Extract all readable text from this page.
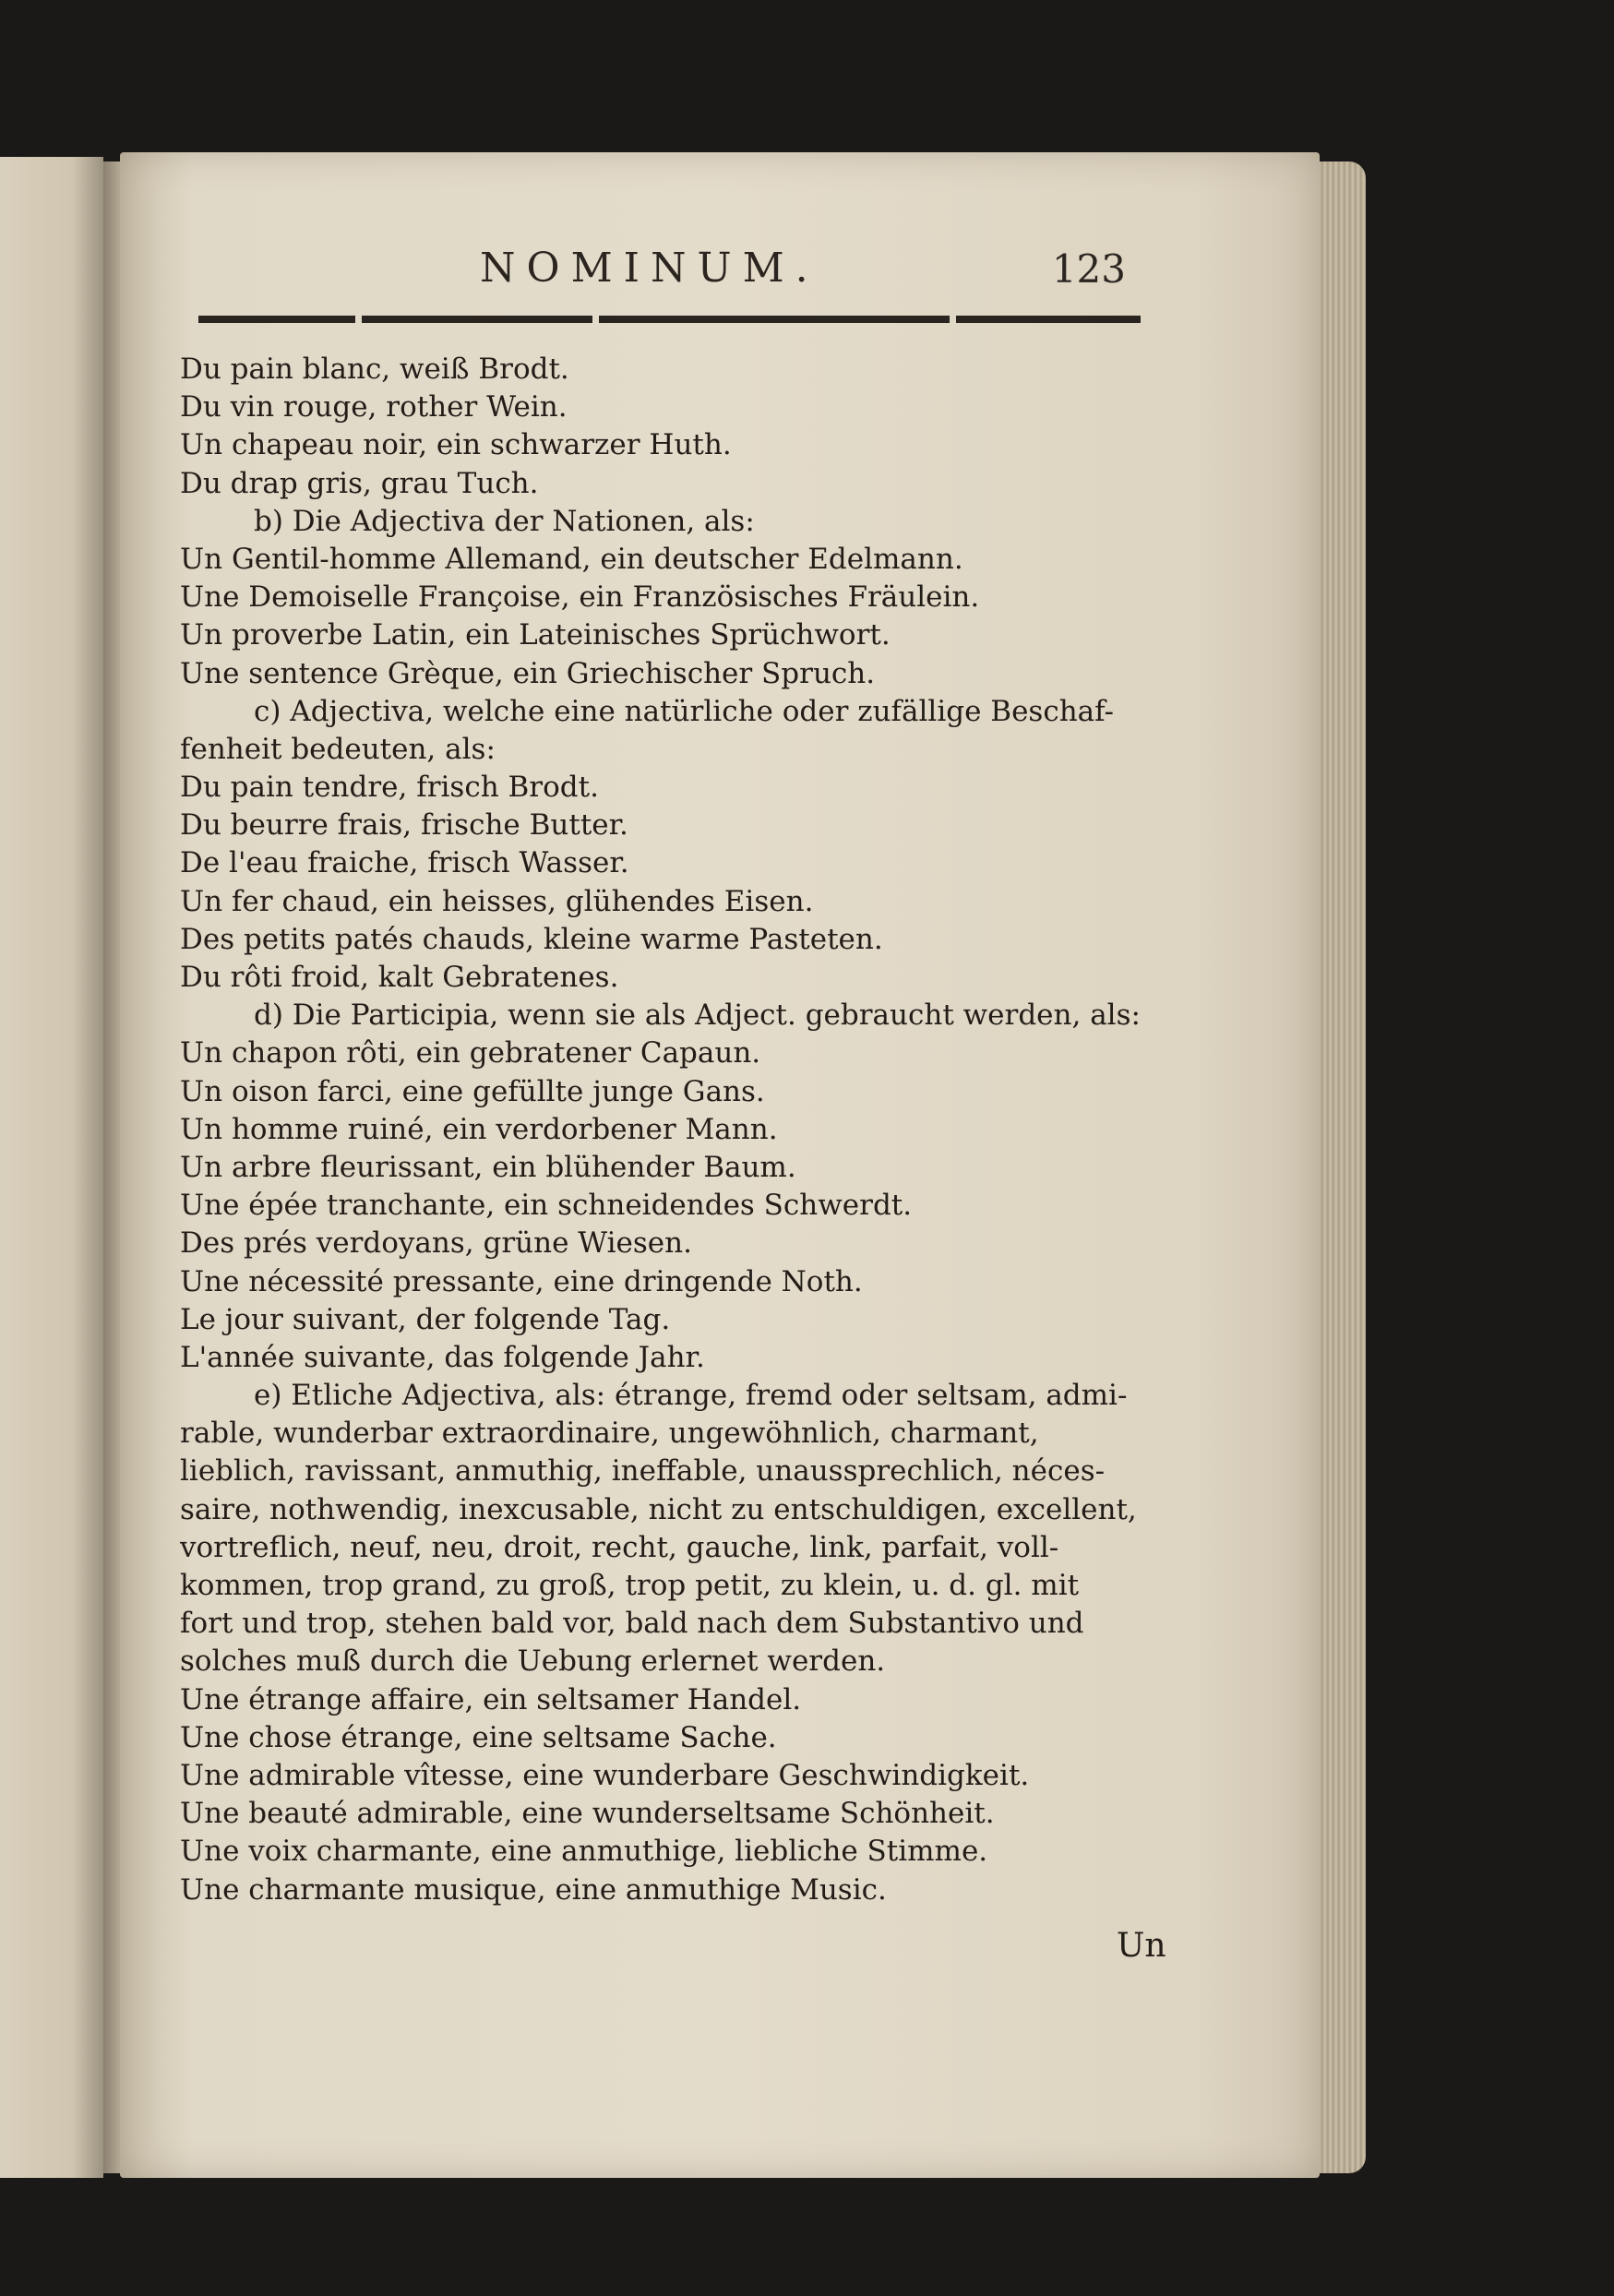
NOMINUM.	123
Du pain blanc, weiß Brodt.
Du vin rouge, rother Wein.
Un chapeau noir, ein schwarzer Huth.
Du drap gris, grau Tuch.
b) Die Adjectiva der Nationen, als:
Un Gentil-homme Allemand, ein deutscher Edelmann.
Une Demoiselle Françoise, ein Französisches Fräulein.
Un proverbe Latin, ein Lateinisches Sprüchwort.
Une sentence Grèque, ein Griechischer Spruch.
c) Adjectiva, welche eine natürliche oder zufällige Beschaf-
fenheit bedeuten, als:
Du pain tendre, frisch Brodt.
Du beurre frais, frische Butter.
De l'eau fraiche, frisch Wasser.
Un fer chaud, ein heisses, glühendes Eisen.
Des petits patés chauds, kleine warme Pasteten.
Du rôti froid, kalt Gebratenes.
d) Die Participia, wenn sie als Adject. gebraucht werden, als:
Un chapon rôti, ein gebratener Capaun.
Un oison farci, eine gefüllte junge Gans.
Un homme ruiné, ein verdorbener Mann.
Un arbre fleurissant, ein blühender Baum.
Une épée tranchante, ein schneidendes Schwerdt.
Des prés verdoyans, grüne Wiesen.
Une nécessité pressante, eine dringende Noth.
Le jour suivant, der folgende Tag.
L'année suivante, das folgende Jahr.
e) Etliche Adjectiva, als: étrange, fremd oder seltsam, admi-
rable, wunderbar extraordinaire, ungewöhnlich, charmant,
lieblich, ravissant, anmuthig, ineffable, unaussprechlich, néces-
saire, nothwendig, inexcusable, nicht zu entschuldigen, excellent,
vortreflich, neuf, neu, droit, recht, gauche, link, parfait, voll-
kommen, trop grand, zu groß, trop petit, zu klein, u. d. gl. mit
fort und trop, stehen bald vor, bald nach dem Substantivo und
solches muß durch die Uebung erlernet werden.
Une étrange affaire, ein seltsamer Handel.
Une chose étrange, eine seltsame Sache.
Une admirable vîtesse, eine wunderbare Geschwindigkeit.
Une beauté admirable, eine wunderseltsame Schönheit.
Une voix charmante, eine anmuthige, liebliche Stimme.
Une charmante musique, eine anmuthige Music.
Un
